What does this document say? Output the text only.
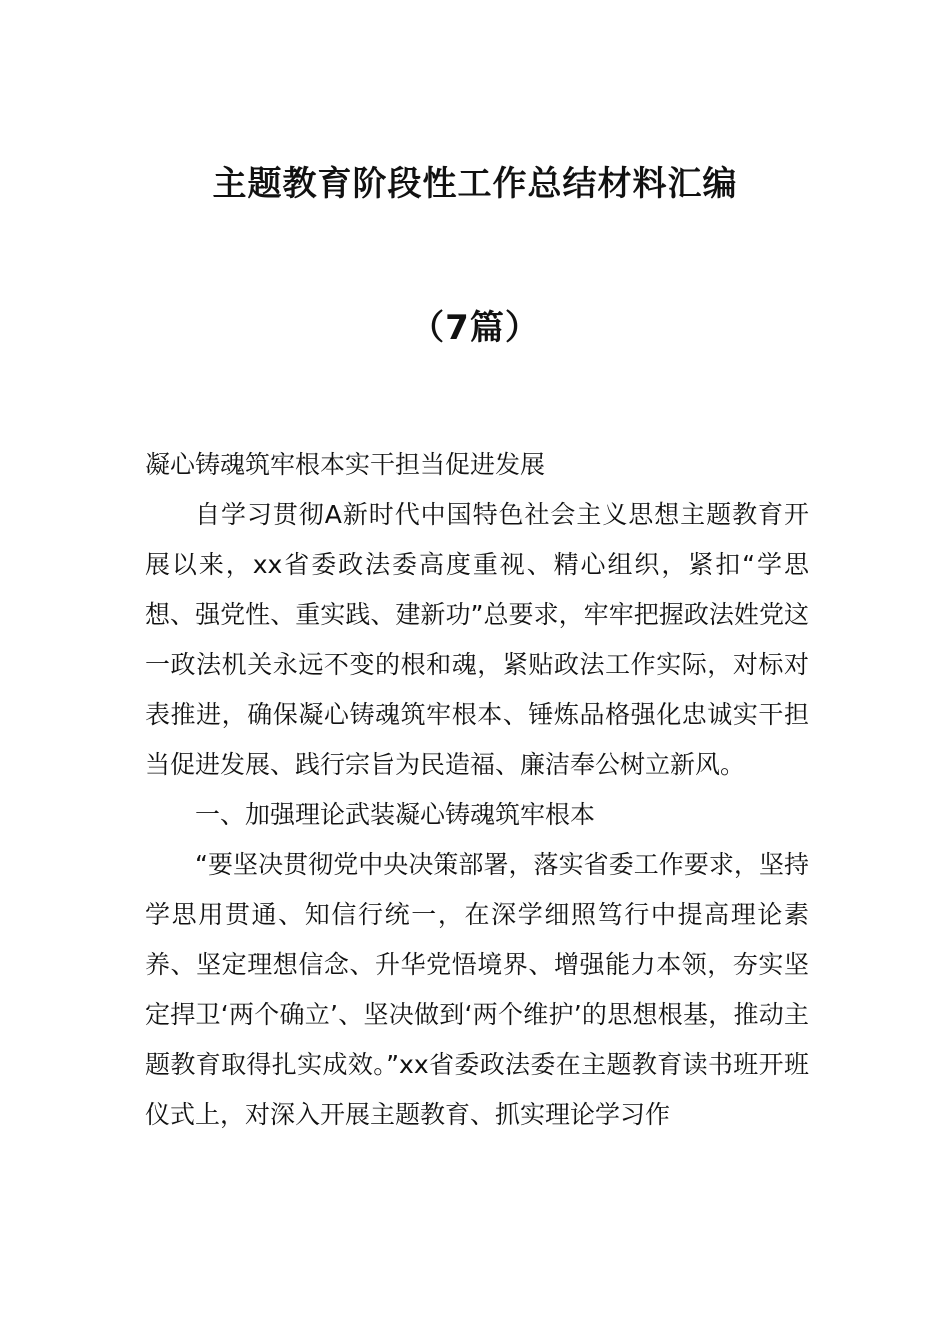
主题教育阶段性工作总结材料汇编
（7篇）

凝心铸魂筑牢根本实干担当促进发展

自学习贯彻A新时代中国特色社会主义思想主题教育开展以来，xx省委政法委高度重视、精心组织，紧扣“学思想、强党性、重实践、建新功”总要求，牢牢把握政法姓党这一政法机关永远不变的根和魂，紧贴政法工作实际，对标对表推进，确保凝心铸魂筑牢根本、锤炼品格强化忠诚实干担当促进发展、践行宗旨为民造福、廉洁奉公树立新风。

一、加强理论武装凝心铸魂筑牢根本

“要坚决贯彻党中央决策部署，落实省委工作要求，坚持学思用贯通、知信行统一，在深学细照笃行中提高理论素养、坚定理想信念、升华党悟境界、增强能力本领，夯实坚定捍卫‘两个确立’、坚决做到‘两个维护’的思想根基，推动主题教育取得扎实成效。”xx省委政法委在主题教育读书班开班仪式上，对深入开展主题教育、抓实理论学习作
